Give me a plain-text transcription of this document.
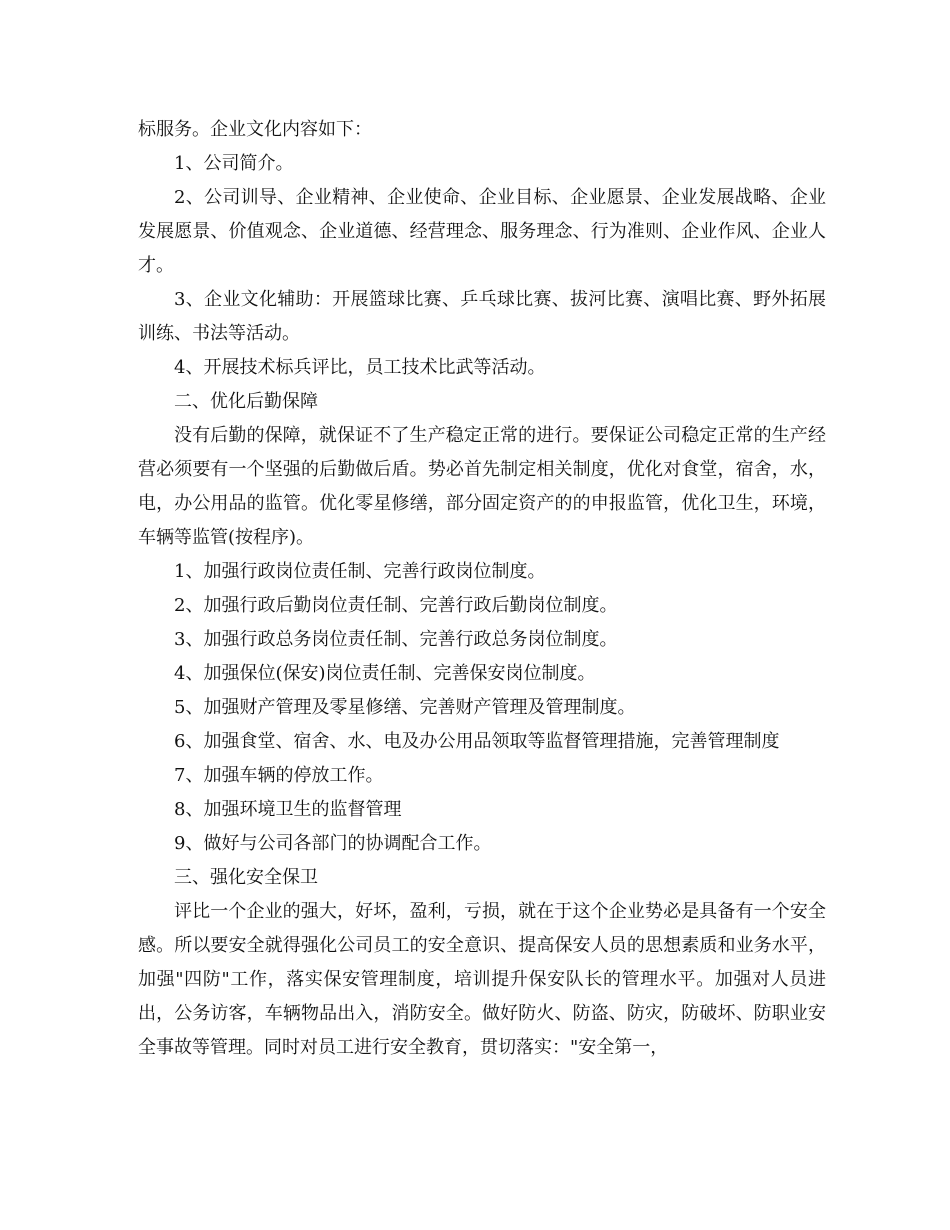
标服务。企业文化内容如下：

1、公司简介。

2、公司训导、企业精神、企业使命、企业目标、企业愿景、企业发展战略、企业发展愿景、价值观念、企业道德、经营理念、服务理念、行为准则、企业作风、企业人才。

3、企业文化辅助：开展篮球比赛、乒乓球比赛、拔河比赛、演唱比赛、野外拓展训练、书法等活动。

4、开展技术标兵评比，员工技术比武等活动。

二、优化后勤保障

没有后勤的保障，就保证不了生产稳定正常的进行。要保证公司稳定正常的生产经营必须要有一个坚强的后勤做后盾。势必首先制定相关制度，优化对食堂，宿舍，水，电，办公用品的监管。优化零星修缮，部分固定资产的的申报监管，优化卫生，环境，车辆等监管(按程序)。

1、加强行政岗位责任制、完善行政岗位制度。

2、加强行政后勤岗位责任制、完善行政后勤岗位制度。

3、加强行政总务岗位责任制、完善行政总务岗位制度。

4、加强保位(保安)岗位责任制、完善保安岗位制度。

5、加强财产管理及零星修缮、完善财产管理及管理制度。

6、加强食堂、宿舍、水、电及办公用品领取等监督管理措施，完善管理制度

7、加强车辆的停放工作。

8、加强环境卫生的监督管理

9、做好与公司各部门的协调配合工作。

三、强化安全保卫

评比一个企业的强大，好坏，盈利，亏损，就在于这个企业势必是具备有一个安全感。所以要安全就得强化公司员工的安全意识、提高保安人员的思想素质和业务水平，加强"四防"工作，落实保安管理制度，培训提升保安队长的管理水平。加强对人员进出，公务访客，车辆物品出入，消防安全。做好防火、防盗、防灾，防破坏、防职业安全事故等管理。同时对员工进行安全教育，贯切落实："安全第一，
